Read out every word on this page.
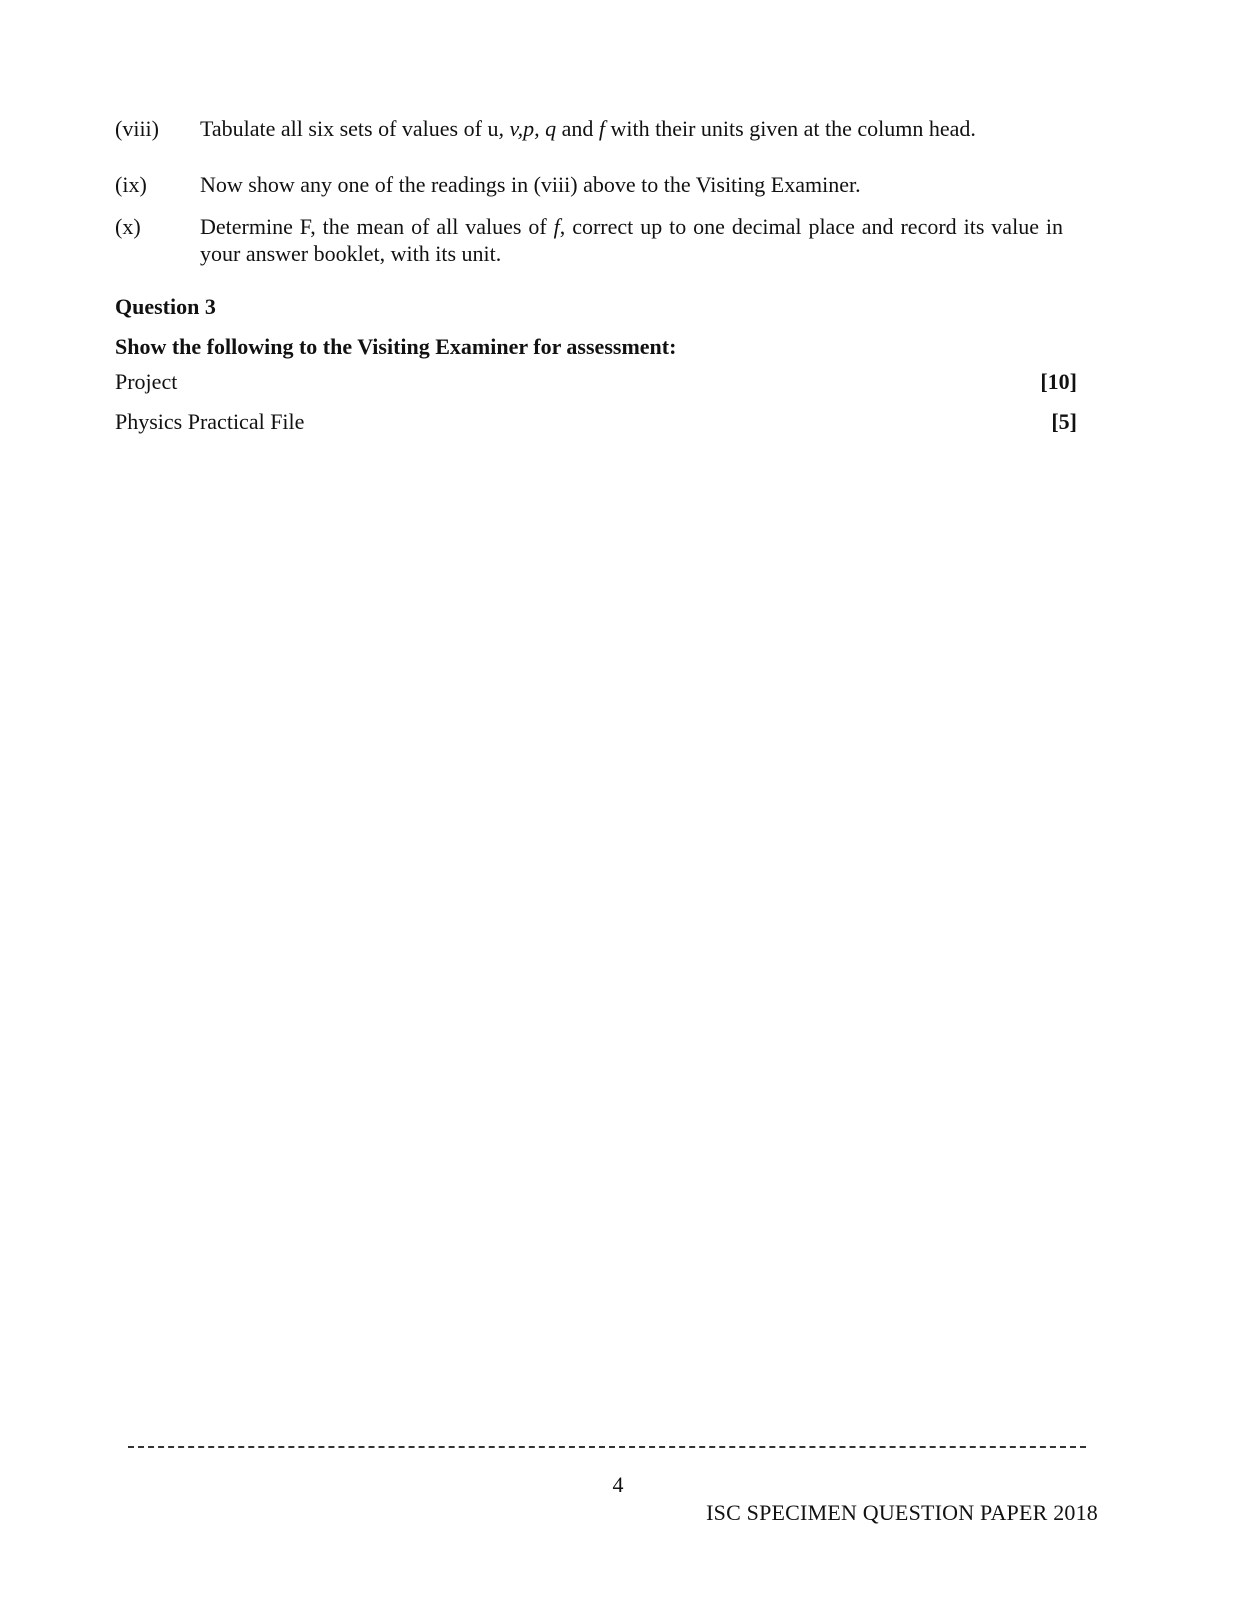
(viii) Tabulate all six sets of values of u, v,p, q and f with their units given at the column head.
(ix) Now show any one of the readings in (viii) above to the Visiting Examiner.
(x)	Determine F, the mean of all values of f, correct up to one decimal place and record its value in your answer booklet, with its unit.
Question 3
Show the following to the Visiting Examiner for assessment:
Project	[10]
Physics Practical File	[5]
4
ISC SPECIMEN QUESTION PAPER 2018
